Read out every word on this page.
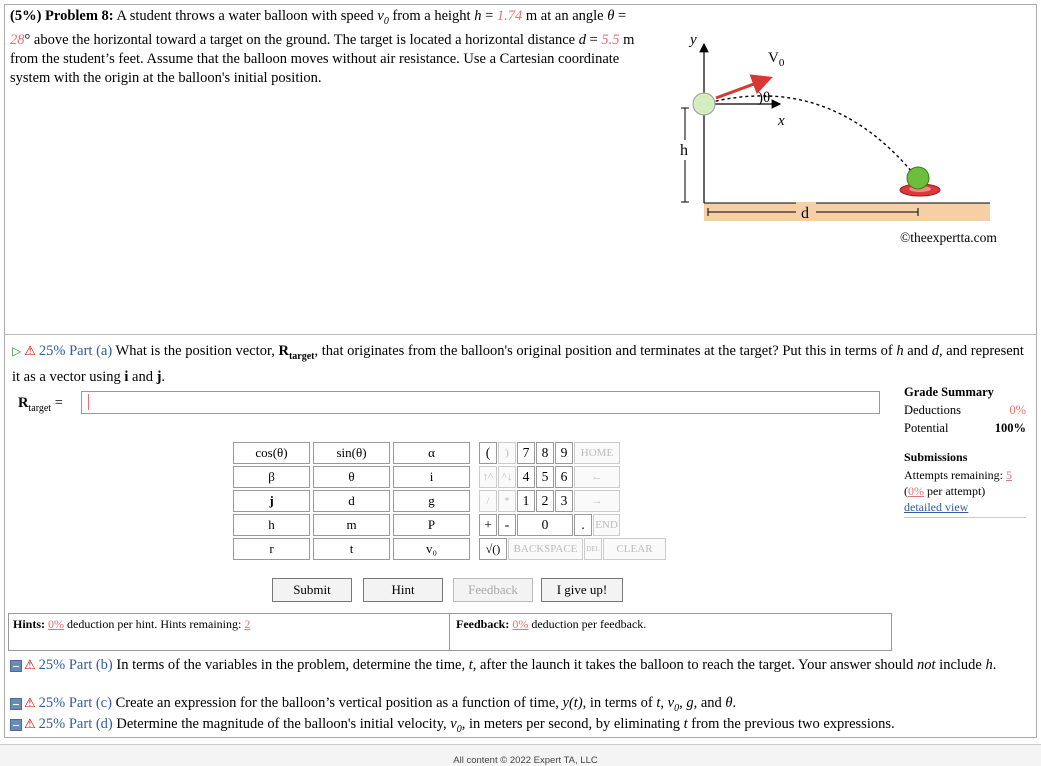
(5%) Problem 8: A student throws a water balloon with speed $v_0$ from a height h = 1.74 m at an angle θ = 28° above the horizontal toward a target on the ground. The target is located a horizontal distance d = 5.5 m from the student’s feet. Assume that the balloon moves without air resistance. Use a Cartesian coordinate system with the origin at the balloon's initial position.
y
x
$V_0$
)θ
h
d
©theexpertta.com
▷ ⚠ 25% Part (a) What is the position vector, $R_{target}$, that originates from the balloon's original position and terminates at the target? Put this in terms of h and d, and represent it as a vector using i and j.
$R_{target}$ =
Grade Summary
Deductions	0%
Potential	100%
Submissions
Attempts remaining: 5
(0% per attempt)
detailed view
cos(θ)	sin(θ)	α
β	θ	i
j	d	g
h	m	P
r	t	v₀
(	)	7 8 9	HOME
↑^ ^↓ 4 5 6	←
/	* 1 2 3	→
+ -	0	. END
√()	BACKSPACE	DEL	CLEAR
Submit	Hint	Feedback	I give up!
Hints: 0% deduction per hint. Hints remaining: 2	Feedback: 0% deduction per feedback.
⚠ 25% Part (b) In terms of the variables in the problem, determine the time, t, after the launch it takes the balloon to reach the target. Your answer should not include h.
⚠ 25% Part (c) Create an expression for the balloon’s vertical position as a function of time, y(t), in terms of t, $v_0$, g, and θ.
⚠ 25% Part (d) Determine the magnitude of the balloon's initial velocity, $v_0$, in meters per second, by eliminating t from the previous two expressions.
All content © 2022 Expert TA, LLC
